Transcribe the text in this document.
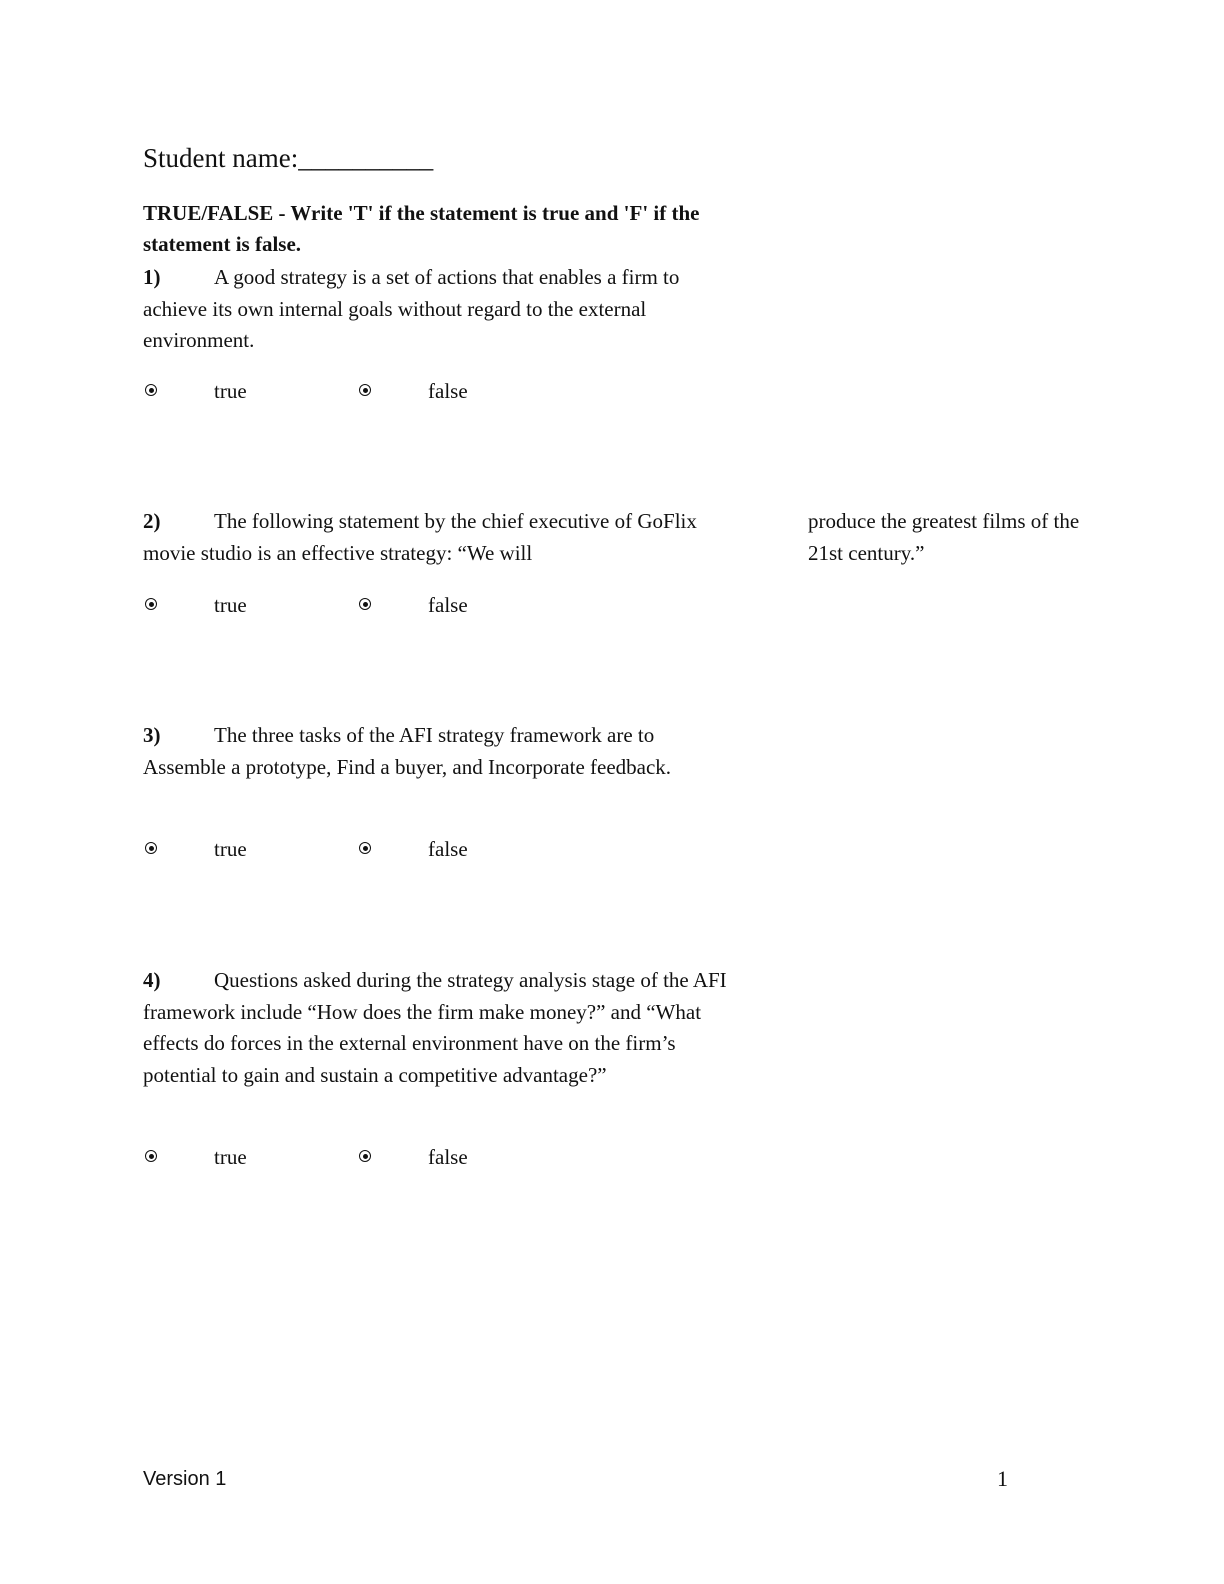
Student name:__________
TRUE/FALSE - Write 'T' if the statement is true and 'F' if the statement is false.
1)	A good strategy is a set of actions that enables a firm to achieve its own internal goals without regard to the external environment.
true	false
2)	The following statement by the chief executive of GoFlix movie studio is an effective strategy: “We will
produce the greatest films of the 21st century.”
true	false
3)	The three tasks of the AFI strategy framework are to Assemble a prototype, Find a buyer, and Incorporate feedback.
true	false
4)	Questions asked during the strategy analysis stage of the AFI framework include “How does the firm make money?” and “What effects do forces in the external environment have on the firm’s potential to gain and sustain a competitive advantage?”
true	false
Version 1	1
